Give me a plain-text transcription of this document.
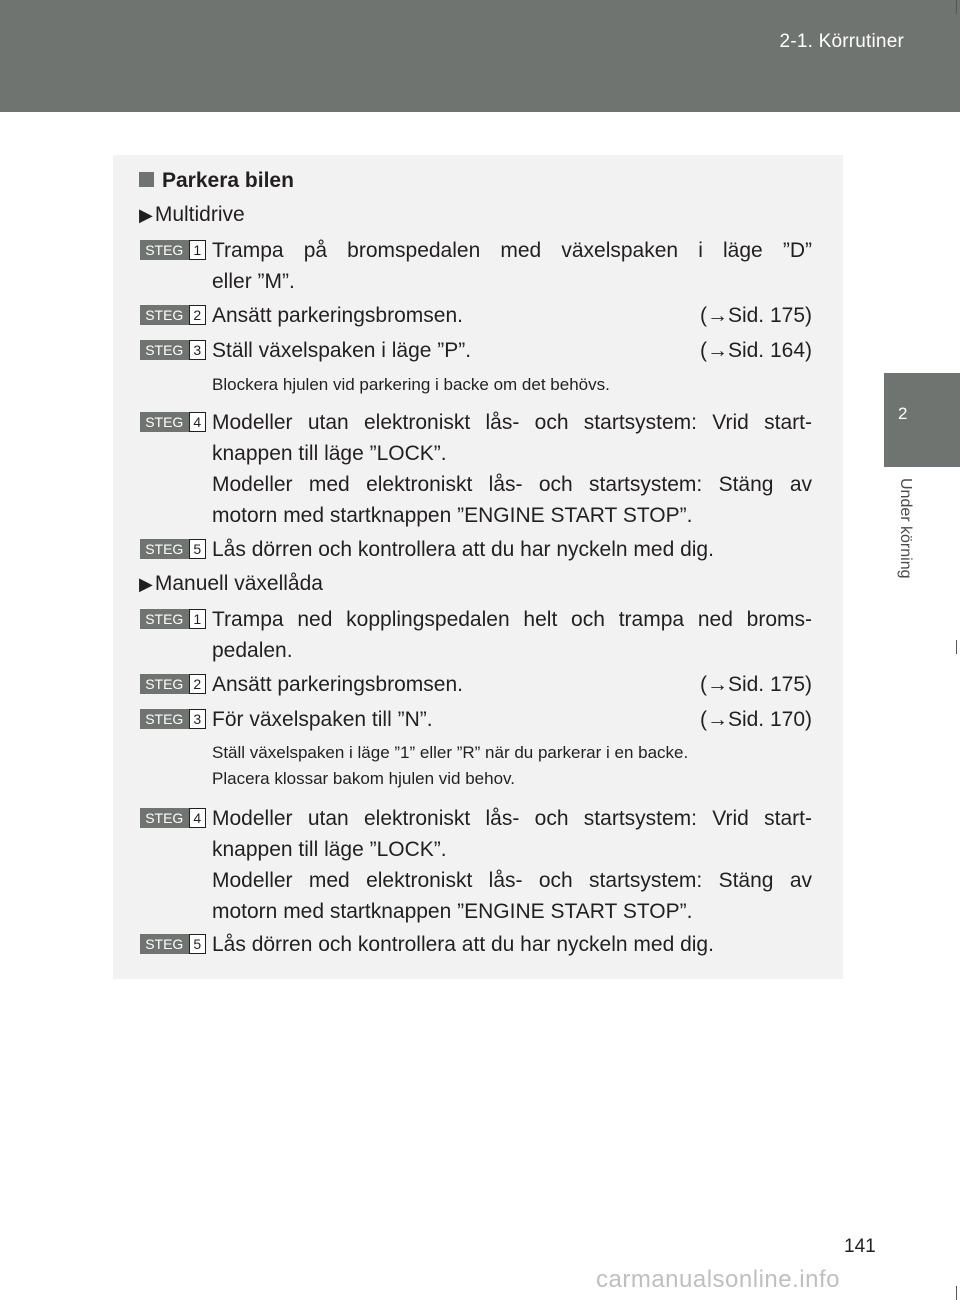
2-1. Körrutiner
2
Under körning
Parkera bilen
▶Multidrive
STEG 1 Trampa på bromspedalen med växelspaken i läge ”D”
eller ”M”.
STEG 2 Ansätt parkeringsbromsen.	(→Sid. 175)
STEG 3 Ställ växelspaken i läge ”P”.	(→Sid. 164)
Blockera hjulen vid parkering i backe om det behövs.
STEG 4 Modeller utan elektroniskt lås- och startsystem: Vrid start-
knappen till läge ”LOCK”.
Modeller med elektroniskt lås- och startsystem: Stäng av
motorn med startknappen ”ENGINE START STOP”.
STEG 5 Lås dörren och kontrollera att du har nyckeln med dig.
▶Manuell växellåda
STEG 1 Trampa ned kopplingspedalen helt och trampa ned broms-
pedalen.
STEG 2 Ansätt parkeringsbromsen.	(→Sid. 175)
STEG 3 För växelspaken till ”N”.	(→Sid. 170)
Ställ växelspaken i läge ”1” eller ”R” när du parkerar i en backe.
Placera klossar bakom hjulen vid behov.
STEG 4 Modeller utan elektroniskt lås- och startsystem: Vrid start-
knappen till läge ”LOCK”.
Modeller med elektroniskt lås- och startsystem: Stäng av
motorn med startknappen ”ENGINE START STOP”.
STEG 5 Lås dörren och kontrollera att du har nyckeln med dig.
141
carmanualsonline.info
